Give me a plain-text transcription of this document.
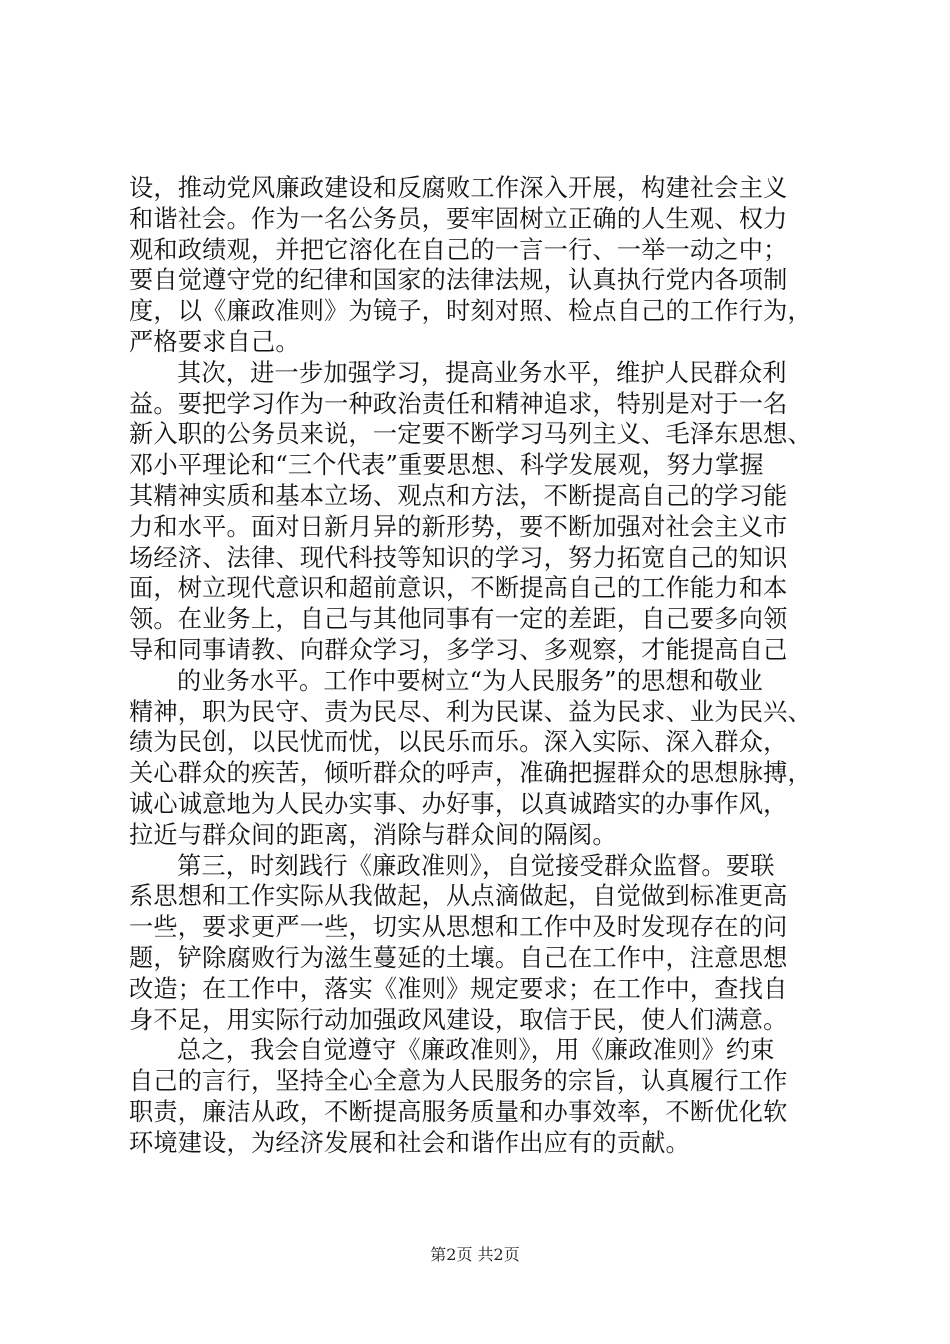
设，推动党风廉政建设和反腐败工作深入开展，构建社会主义
和谐社会。作为一名公务员，要牢固树立正确的人生观、权力
观和政绩观，并把它溶化在自己的一言一行、一举一动之中；
要自觉遵守党的纪律和国家的法律法规，认真执行党内各项制
度，以《廉政准则》为镜子，时刻对照、检点自己的工作行为，
严格要求自己。
其次，进一步加强学习，提高业务水平，维护人民群众利
益。要把学习作为一种政治责任和精神追求，特别是对于一名
新入职的公务员来说，一定要不断学习马列主义、毛泽东思想、
邓小平理论和“三个代表”重要思想、科学发展观，努力掌握
其精神实质和基本立场、观点和方法，不断提高自己的学习能
力和水平。面对日新月异的新形势，要不断加强对社会主义市
场经济、法律、现代科技等知识的学习，努力拓宽自己的知识
面，树立现代意识和超前意识，不断提高自己的工作能力和本
领。在业务上，自己与其他同事有一定的差距，自己要多向领
导和同事请教、向群众学习，多学习、多观察，才能提高自己
的业务水平。工作中要树立“为人民服务”的思想和敬业
精神，职为民守、责为民尽、利为民谋、益为民求、业为民兴、
绩为民创，以民忧而忧，以民乐而乐。深入实际、深入群众，
关心群众的疾苦，倾听群众的呼声，准确把握群众的思想脉搏，
诚心诚意地为人民办实事、办好事，以真诚踏实的办事作风，
拉近与群众间的距离，消除与群众间的隔阂。
第三，时刻践行《廉政准则》，自觉接受群众监督。要联
系思想和工作实际从我做起，从点滴做起，自觉做到标准更高
一些，要求更严一些，切实从思想和工作中及时发现存在的问
题，铲除腐败行为滋生蔓延的土壤。自己在工作中，注意思想
改造；在工作中，落实《准则》规定要求；在工作中，查找自
身不足，用实际行动加强政风建设，取信于民，使人们满意。
总之，我会自觉遵守《廉政准则》，用《廉政准则》约束
自己的言行，坚持全心全意为人民服务的宗旨，认真履行工作
职责，廉洁从政，不断提高服务质量和办事效率，不断优化软
环境建设，为经济发展和社会和谐作出应有的贡献。
第2页 共2页
